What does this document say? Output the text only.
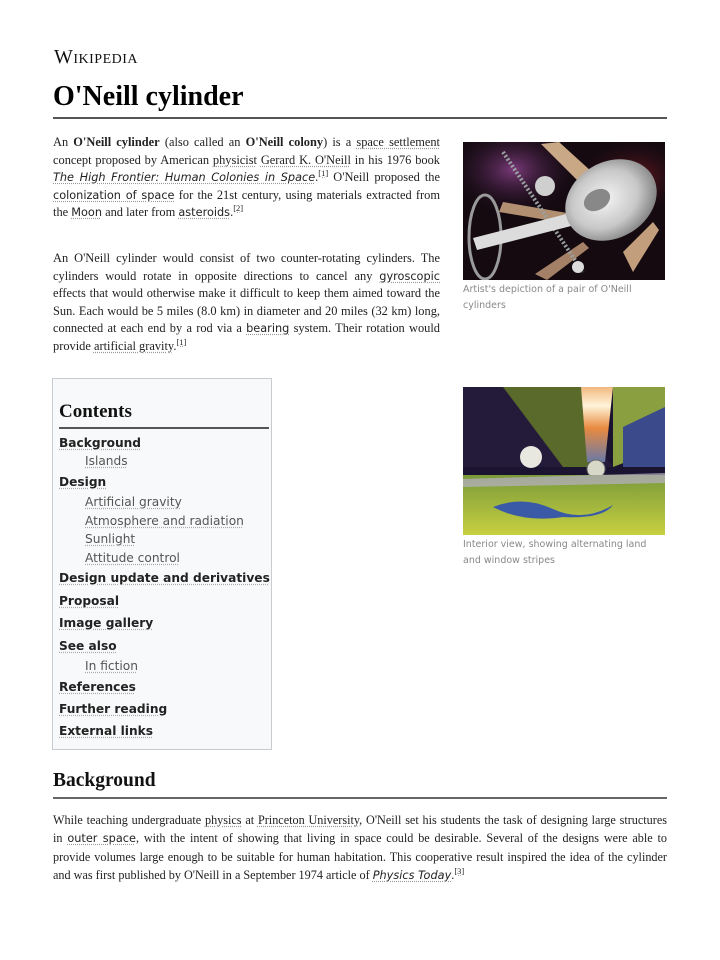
Wikipedia
O'Neill cylinder

An O'Neill cylinder (also called an O'Neill colony) is a space settlement concept proposed by American physicist Gerard K. O'Neill in his 1976 book The High Frontier: Human Colonies in Space.[1] O'Neill proposed the colonization of space for the 21st century, using materials extracted from the Moon and later from asteroids.[2]

An O'Neill cylinder would consist of two counter-rotating cylinders. The cylinders would rotate in opposite directions to cancel any gyroscopic effects that would otherwise make it difficult to keep them aimed toward the Sun. Each would be 5 miles (8.0 km) in diameter and 20 miles (32 km) long, connected at each end by a rod via a bearing system. Their rotation would provide artificial gravity.[1]

Artist's depiction of a pair of O'Neill cylinders
Interior view, showing alternating land and window stripes
Contents
Background
Islands
Design
Artificial gravity
Atmosphere and radiation
Sunlight
Attitude control
Design update and derivatives
Proposal
Image gallery
See also
In fiction
References
Further reading
External links
Background

While teaching undergraduate physics at Princeton University, O'Neill set his students the task of designing large structures in outer space, with the intent of showing that living in space could be desirable. Several of the designs were able to provide volumes large enough to be suitable for human habitation. This cooperative result inspired the idea of the cylinder and was first published by O'Neill in a September 1974 article of Physics Today.[3]
